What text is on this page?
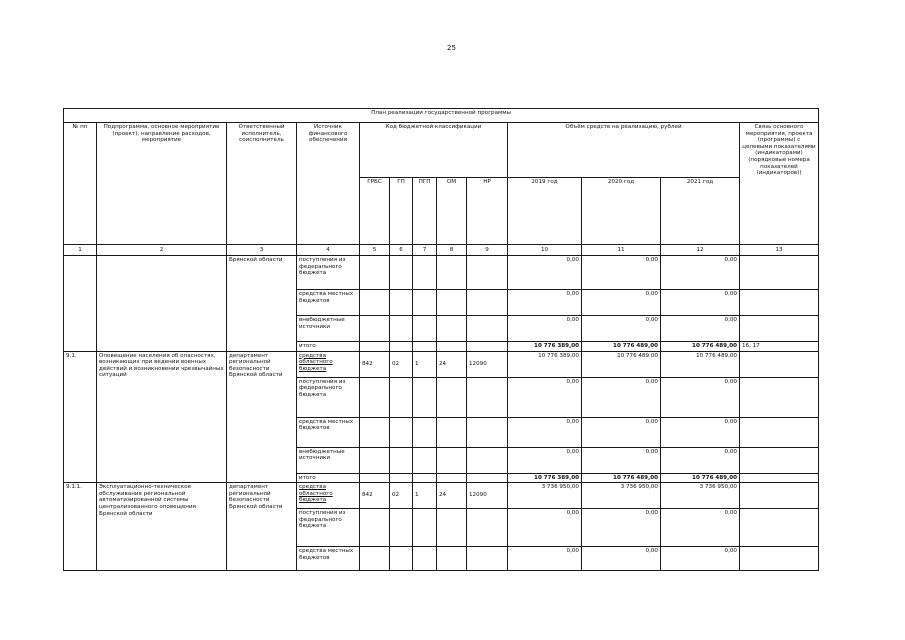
25
План реализации государственной программы												
№ пп	Подпрограмма, основное мероприятие (проект), направление расходов, мероприятие	Ответственный исполнитель, соисполнитель	Источник финансового обеспечения	Код бюджетной классификации					Объём средств на реализацию, рублей			Связь основного мероприятия, проекта (программы) с целевыми показателями (индикаторами) (порядковые номера показателей (индикаторов))
				ГРБС	ГП	ПГП	ОМ	НР	2019 год	2020 год	2021 год	
1	2	3	4	5	6	7	8	9	10	11	12	13
		Брянской области	поступления из федерального бюджета						0,00	0,00	0,00	
			средства местных бюджетов						0,00	0,00	0,00	
			внебюджетные источники						0,00	0,00	0,00	
			итого						10 776 389,00	10 776 489,00	10 776 489,00	16, 17
9.1.	Оповещение населения об опасностях, возникающих при ведении военных действий и возникновении чрезвычайных ситуаций	департамент региональной безопасности Брянской области	средства областного бюджета	842	02	1	24	12090	10 776 389,00	10 776 489,00	10 776 489,00	
			поступления из федерального бюджета						0,00	0,00	0,00	
			средства местных бюджетов						0,00	0,00	0,00	
			внебюджетные источники						0,00	0,00	0,00	
			итого						10 776 389,00	10 776 489,00	10 776 489,00	
9.1.1.	Эксплуатационно-техническое обслуживание региональной автоматизированной системы централизованного оповещения Брянской области	департамент региональной безопасности Брянской области	средства областного бюджета	842	02	1	24	12090	3 736 950,00	3 736 950,00	3 736 950,00	
			поступления из федерального бюджета						0,00	0,00	0,00	
			средства местных бюджетов						0,00	0,00	0,00	
